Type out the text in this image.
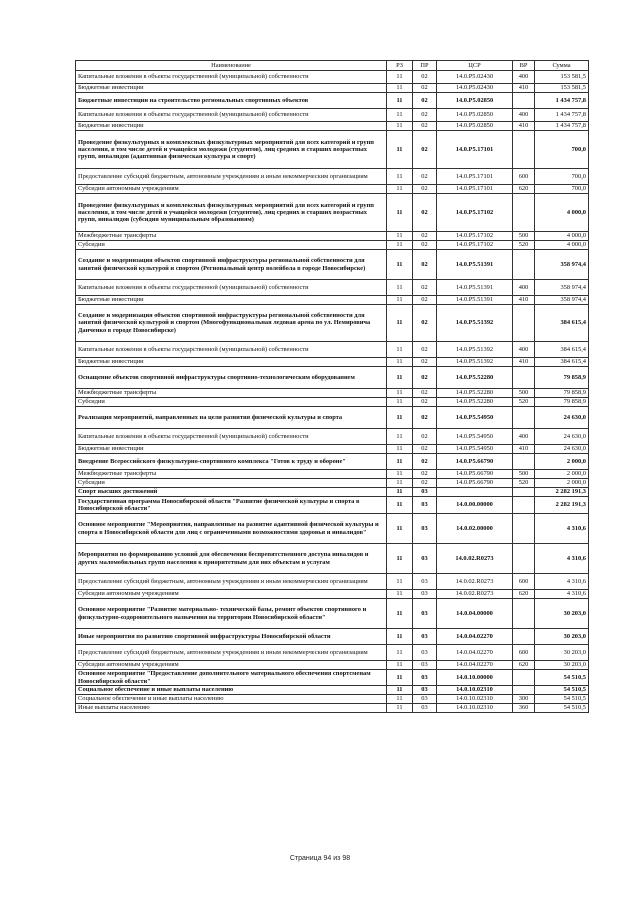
Наименование	РЗ	ПР	ЦСР	ВР	Сумма
Капитальные вложения в объекты государственной (муниципальной) собственности	11	02	14.0.P5.02430	400	153 581,5
Бюджетные инвестиции	11	02	14.0.P5.02430	410	153 581,5
Бюджетные инвестиции на строительство региональных спортивных объектов	11	02	14.0.P5.02850		1 434 757,8
Капитальные вложения в объекты государственной (муниципальной) собственности	11	02	14.0.P5.02850	400	1 434 757,8
Бюджетные инвестиции	11	02	14.0.P5.02850	410	1 434 757,8
Проведение физкультурных и комплексных физкультурных мероприятий для всех категорий и групп населения, в том числе детей и учащейся молодежи (студентов), лиц средних и старших возрастных групп, инвалидов (адаптивная физическая культура и спорт)	11	02	14.0.P5.17101		700,0
Предоставление субсидий бюджетным, автономным учреждениям и иным некоммерческим организациям	11	02	14.0.P5.17101	600	700,0
Субсидии автономным учреждениям	11	02	14.0.P5.17101	620	700,0
Проведение физкультурных и комплексных физкультурных мероприятий для всех категорий и групп населения, в том числе детей и учащейся молодежи (студентов), лиц средних и старших возрастных групп, инвалидов (субсидия муниципальным образованиям)	11	02	14.0.P5.17102		4 000,0
Межбюджетные трансферты	11	02	14.0.P5.17102	500	4 000,0
Субсидии	11	02	14.0.P5.17102	520	4 000,0
Создание и модернизация объектов спортивной инфраструктуры региональной собственности для занятий физической культурой и спортом (Региональный центр волейбола в городе Новосибирске)	11	02	14.0.P5.51391		358 974,4
Капитальные вложения в объекты государственной (муниципальной) собственности	11	02	14.0.P5.51391	400	358 974,4
Бюджетные инвестиции	11	02	14.0.P5.51391	410	358 974,4
Создание и модернизация объектов спортивной инфраструктуры региональной собственности для занятий физической культурой и спортом (Многофункциональная ледовая арена по ул. Немировича Данченко в городе Новосибирске)	11	02	14.0.P5.51392		384 615,4
Капитальные вложения в объекты государственной (муниципальной) собственности	11	02	14.0.P5.51392	400	384 615,4
Бюджетные инвестиции	11	02	14.0.P5.51392	410	384 615,4
Оснащение объектов спортивной инфраструктуры спортивно-технологическим оборудованием	11	02	14.0.P5.52280		79 858,9
Межбюджетные трансферты	11	02	14.0.P5.52280	500	79 858,9
Субсидии	11	02	14.0.P5.52280	520	79 858,9
Реализация мероприятий, направленных на цели развития физической культуры и спорта	11	02	14.0.P5.54950		24 630,0
Капитальные вложения в объекты государственной (муниципальной) собственности	11	02	14.0.P5.54950	400	24 630,0
Бюджетные инвестиции	11	02	14.0.P5.54950	410	24 630,0
Внедрение Всероссийского физкультурно-спортивного комплекса "Готов к труду и обороне"	11	02	14.0.P5.66790		2 000,0
Межбюджетные трансферты	11	02	14.0.P5.66790	500	2 000,0
Субсидии	11	02	14.0.P5.66790	520	2 000,0
Спорт высших достижений	11	03			2 282 191,3
Государственная программа Новосибирской области "Развитие физической культуры и спорта в Новосибирской области"	11	03	14.0.00.00000		2 282 191,3
Основное мероприятие "Мероприятия, направленные на развитие адаптивной физической культуры и спорта в Новосибирской области для лиц с ограниченными возможностями здоровья и инвалидов"	11	03	14.0.02.00000		4 310,6
Мероприятия по формированию условий для обеспечения беспрепятственного доступа инвалидов и других маломобильных групп населения к приоритетным для них объектам и услугам	11	03	14.0.02.R0273		4 310,6
Предоставление субсидий бюджетным, автономным учреждениям и иным некоммерческим организациям	11	03	14.0.02.R0273	600	4 310,6
Субсидии автономным учреждениям	11	03	14.0.02.R0273	620	4 310,6
Основное мероприятие "Развитие материально- технической базы, ремонт объектов спортивного и физкультурно-оздоровительного назначения на территории Новосибирской области"	11	03	14.0.04.00000		30 203,0
Иные мероприятия по развитию спортивной инфраструктуры Новосибирской области	11	03	14.0.04.02270		30 203,0
Предоставление субсидий бюджетным, автономным учреждениям и иным некоммерческим организациям	11	03	14.0.04.02270	600	30 203,0
Субсидии автономным учреждениям	11	03	14.0.04.02270	620	30 203,0
Основное мероприятие "Предоставление дополнительного материального обеспечения спортсменам Новосибирской области"	11	03	14.0.10.00000		54 510,5
Социальное обеспечение и иные выплаты населению	11	03	14.0.10.02310		54 510,5
Социальное обеспечение и иные выплаты населению	11	03	14.0.10.02310	300	54 510,5
Иные выплаты населению	11	03	14.0.10.02310	360	54 510,5
Страница 94 из 98
